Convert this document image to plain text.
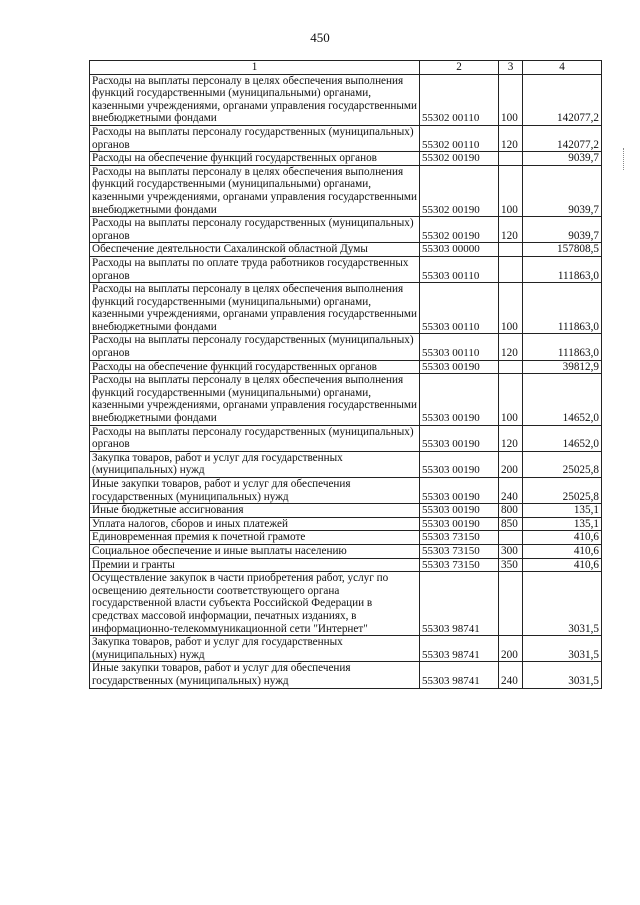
450
1	2	3	4
Расходы на выплаты персоналу в целях обеспечения выполнения функций государственными (муниципальными) органами, казенными учреждениями, органами управления государственными внебюджетными фондами	55302 00110	100	142077,2
Расходы на выплаты персоналу государственных (муниципальных) органов	55302 00110	120	142077,2
Расходы на обеспечение функций государственных органов	55302 00190		9039,7
Расходы на выплаты персоналу в целях обеспечения выполнения функций государственными (муниципальными) органами, казенными учреждениями, органами управления государственными внебюджетными фондами	55302 00190	100	9039,7
Расходы на выплаты персоналу государственных (муниципальных) органов	55302 00190	120	9039,7
Обеспечение деятельности Сахалинской областной Думы	55303 00000		157808,5
Расходы на выплаты по оплате труда работников государственных органов	55303 00110		111863,0
Расходы на выплаты персоналу в целях обеспечения выполнения функций государственными (муниципальными) органами, казенными учреждениями, органами управления государственными внебюджетными фондами	55303 00110	100	111863,0
Расходы на выплаты персоналу государственных (муниципальных) органов	55303 00110	120	111863,0
Расходы на обеспечение функций государственных органов	55303 00190		39812,9
Расходы на выплаты персоналу в целях обеспечения выполнения функций государственными (муниципальными) органами, казенными учреждениями, органами управления государственными внебюджетными фондами	55303 00190	100	14652,0
Расходы на выплаты персоналу государственных (муниципальных) органов	55303 00190	120	14652,0
Закупка товаров, работ и услуг для государственных (муниципальных) нужд	55303 00190	200	25025,8
Иные закупки товаров, работ и услуг для обеспечения государственных (муниципальных) нужд	55303 00190	240	25025,8
Иные бюджетные ассигнования	55303 00190	800	135,1
Уплата налогов, сборов и иных платежей	55303 00190	850	135,1
Единовременная премия к почетной грамоте	55303 73150		410,6
Социальное обеспечение и иные выплаты населению	55303 73150	300	410,6
Премии и гранты	55303 73150	350	410,6
Осуществление закупок в части приобретения работ, услуг по освещению деятельности соответствующего органа государственной власти субъекта Российской Федерации в средствах массовой информации, печатных изданиях, в информационно-телекоммуникационной сети "Интернет"	55303 98741		3031,5
Закупка товаров, работ и услуг для государственных (муниципальных) нужд	55303 98741	200	3031,5
Иные закупки товаров, работ и услуг для обеспечения государственных (муниципальных) нужд	55303 98741	240	3031,5
